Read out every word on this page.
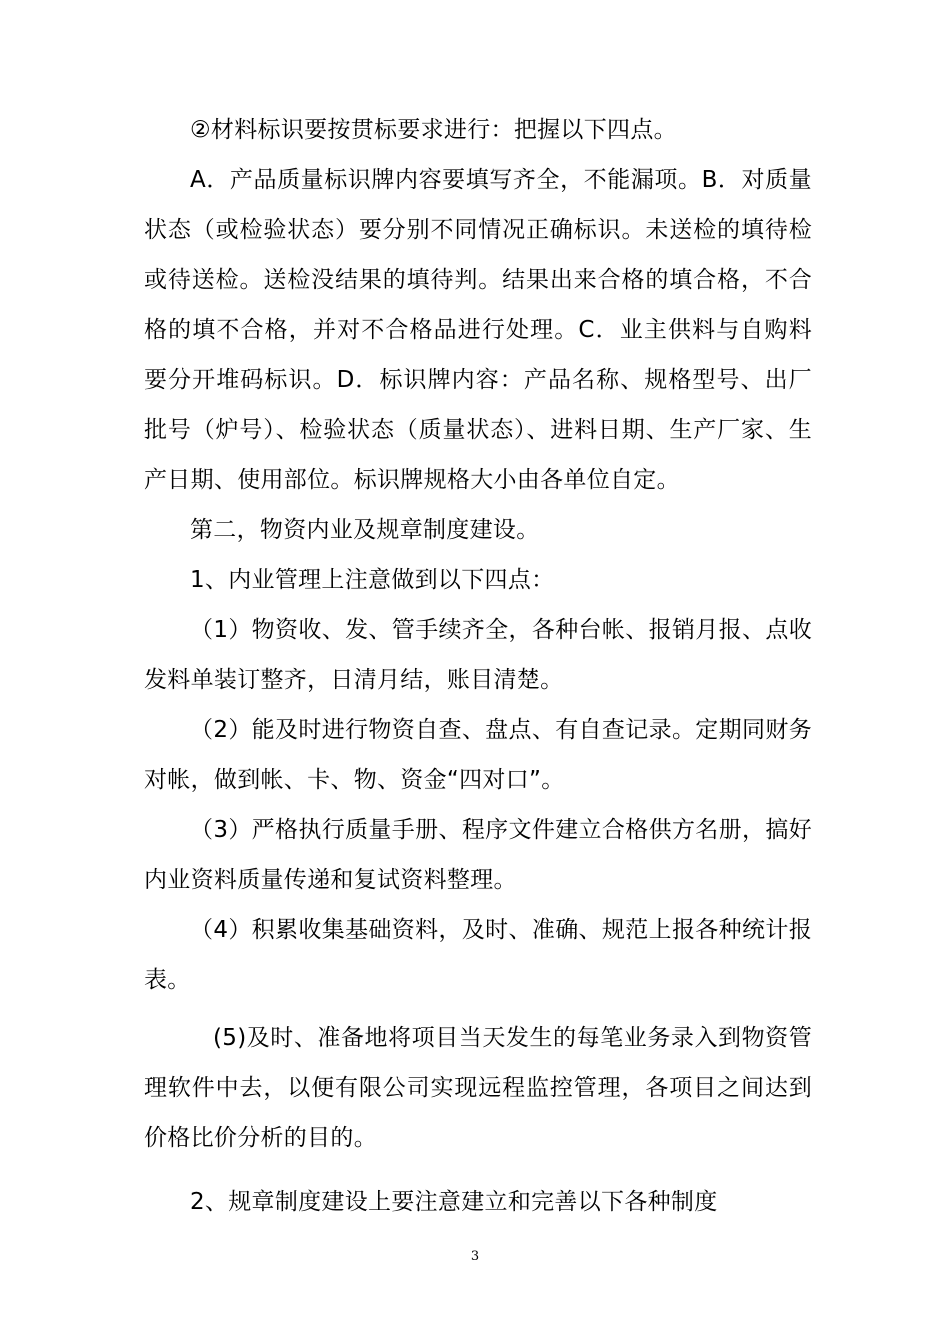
②材料标识要按贯标要求进行：把握以下四点。

A．产品质量标识牌内容要填写齐全，不能漏项。B．对质量状态（或检验状态）要分别不同情况正确标识。未送检的填待检或待送检。送检没结果的填待判。结果出来合格的填合格，不合格的填不合格，并对不合格品进行处理。C．业主供料与自购料要分开堆码标识。D．标识牌内容：产品名称、规格型号、出厂批号（炉号）、检验状态（质量状态）、进料日期、生产厂家、生产日期、使用部位。标识牌规格大小由各单位自定。

第二，物资内业及规章制度建设。

1、内业管理上注意做到以下四点：

（1）物资收、发、管手续齐全，各种台帐、报销月报、点收发料单装订整齐，日清月结，账目清楚。

（2）能及时进行物资自查、盘点、有自查记录。定期同财务对帐，做到帐、卡、物、资金“四对口”。

（3）严格执行质量手册、程序文件建立合格供方名册，搞好内业资料质量传递和复试资料整理。

（4）积累收集基础资料，及时、准确、规范上报各种统计报表。

(5)及时、准备地将项目当天发生的每笔业务录入到物资管理软件中去，以便有限公司实现远程监控管理，各项目之间达到价格比价分析的目的。

2、规章制度建设上要注意建立和完善以下各种制度

3
